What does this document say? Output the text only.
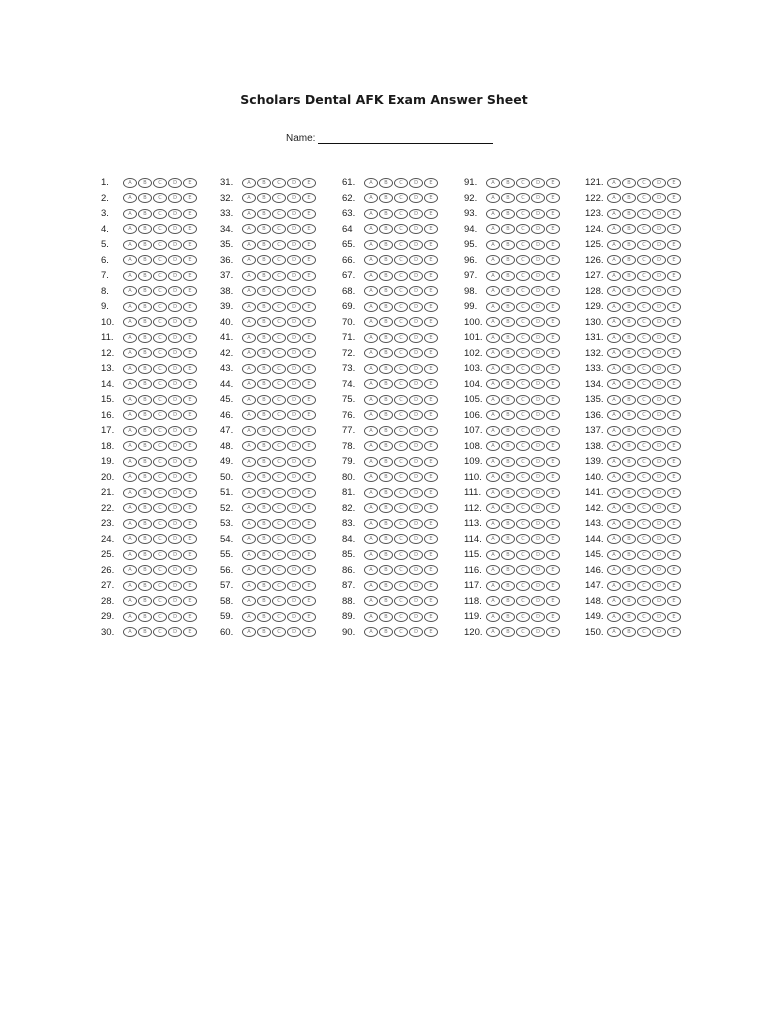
Scholars Dental AFK Exam Answer Sheet
Name:
1.	A	B	C	D	E
2.	A	B	C	D	E
3.	A	B	C	D	E
4.	A	B	C	D	E
5.	A	B	C	D	E
6.	A	B	C	D	E
7.	A	B	C	D	E
8.	A	B	C	D	E
9.	A	B	C	D	E
10.	A	B	C	D	E
11.	A	B	C	D	E
12.	A	B	C	D	E
13.	A	B	C	D	E
14.	A	B	C	D	E
15.	A	B	C	D	E
16.	A	B	C	D	E
17.	A	B	C	D	E
18.	A	B	C	D	E
19.	A	B	C	D	E
20.	A	B	C	D	E
21.	A	B	C	D	E
22.	A	B	C	D	E
23.	A	B	C	D	E
24.	A	B	C	D	E
25.	A	B	C	D	E
26.	A	B	C	D	E
27.	A	B	C	D	E
28.	A	B	C	D	E
29.	A	B	C	D	E
30.	A	B	C	D	E
31.	A	B	C	D	E
32.	A	B	C	D	E
33.	A	B	C	D	E
34.	A	B	C	D	E
35.	A	B	C	D	E
36.	A	B	C	D	E
37.	A	B	C	D	E
38.	A	B	C	D	E
39.	A	B	C	D	E
40.	A	B	C	D	E
41.	A	B	C	D	E
42.	A	B	C	D	E
43.	A	B	C	D	E
44.	A	B	C	D	E
45.	A	B	C	D	E
46.	A	B	C	D	E
47.	A	B	C	D	E
48.	A	B	C	D	E
49.	A	B	C	D	E
50.	A	B	C	D	E
51.	A	B	C	D	E
52.	A	B	C	D	E
53.	A	B	C	D	E
54.	A	B	C	D	E
55.	A	B	C	D	E
56.	A	B	C	D	E
57.	A	B	C	D	E
58.	A	B	C	D	E
59.	A	B	C	D	E
60.	A	B	C	D	E
61.	A	B	C	D	E
62.	A	B	C	D	E
63.	A	B	C	D	E
64	A	B	C	D	E
65.	A	B	C	D	E
66.	A	B	C	D	E
67.	A	B	C	D	E
68.	A	B	C	D	E
69.	A	B	C	D	E
70.	A	B	C	D	E
71.	A	B	C	D	E
72.	A	B	C	D	E
73.	A	B	C	D	E
74.	A	B	C	D	E
75.	A	B	C	D	E
76.	A	B	C	D	E
77.	A	B	C	D	E
78.	A	B	C	D	E
79.	A	B	C	D	E
80.	A	B	C	D	E
81.	A	B	C	D	E
82.	A	B	C	D	E
83.	A	B	C	D	E
84.	A	B	C	D	E
85.	A	B	C	D	E
86.	A	B	C	D	E
87.	A	B	C	D	E
88.	A	B	C	D	E
89.	A	B	C	D	E
90.	A	B	C	D	E
91.	A	B	C	D	E
92.	A	B	C	D	E
93.	A	B	C	D	E
94.	A	B	C	D	E
95.	A	B	C	D	E
96.	A	B	C	D	E
97.	A	B	C	D	E
98.	A	B	C	D	E
99.	A	B	C	D	E
100.	A	B	C	D	E
101.	A	B	C	D	E
102.	A	B	C	D	E
103.	A	B	C	D	E
104.	A	B	C	D	E
105.	A	B	C	D	E
106.	A	B	C	D	E
107.	A	B	C	D	E
108.	A	B	C	D	E
109.	A	B	C	D	E
110.	A	B	C	D	E
111.	A	B	C	D	E
112.	A	B	C	D	E
113.	A	B	C	D	E
114.	A	B	C	D	E
115.	A	B	C	D	E
116.	A	B	C	D	E
117.	A	B	C	D	E
118.	A	B	C	D	E
119.	A	B	C	D	E
120.	A	B	C	D	E
121.	A	B	C	D	E
122.	A	B	C	D	E
123.	A	B	C	D	E
124.	A	B	C	D	E
125.	A	B	C	D	E
126.	A	B	C	D	E
127.	A	B	C	D	E
128.	A	B	C	D	E
129.	A	B	C	D	E
130.	A	B	C	D	E
131.	A	B	C	D	E
132.	A	B	C	D	E
133.	A	B	C	D	E
134.	A	B	C	D	E
135.	A	B	C	D	E
136.	A	B	C	D	E
137.	A	B	C	D	E
138.	A	B	C	D	E
139.	A	B	C	D	E
140.	A	B	C	D	E
141.	A	B	C	D	E
142.	A	B	C	D	E
143.	A	B	C	D	E
144.	A	B	C	D	E
145.	A	B	C	D	E
146.	A	B	C	D	E
147.	A	B	C	D	E
148.	A	B	C	D	E
149.	A	B	C	D	E
150.	A	B	C	D	E
